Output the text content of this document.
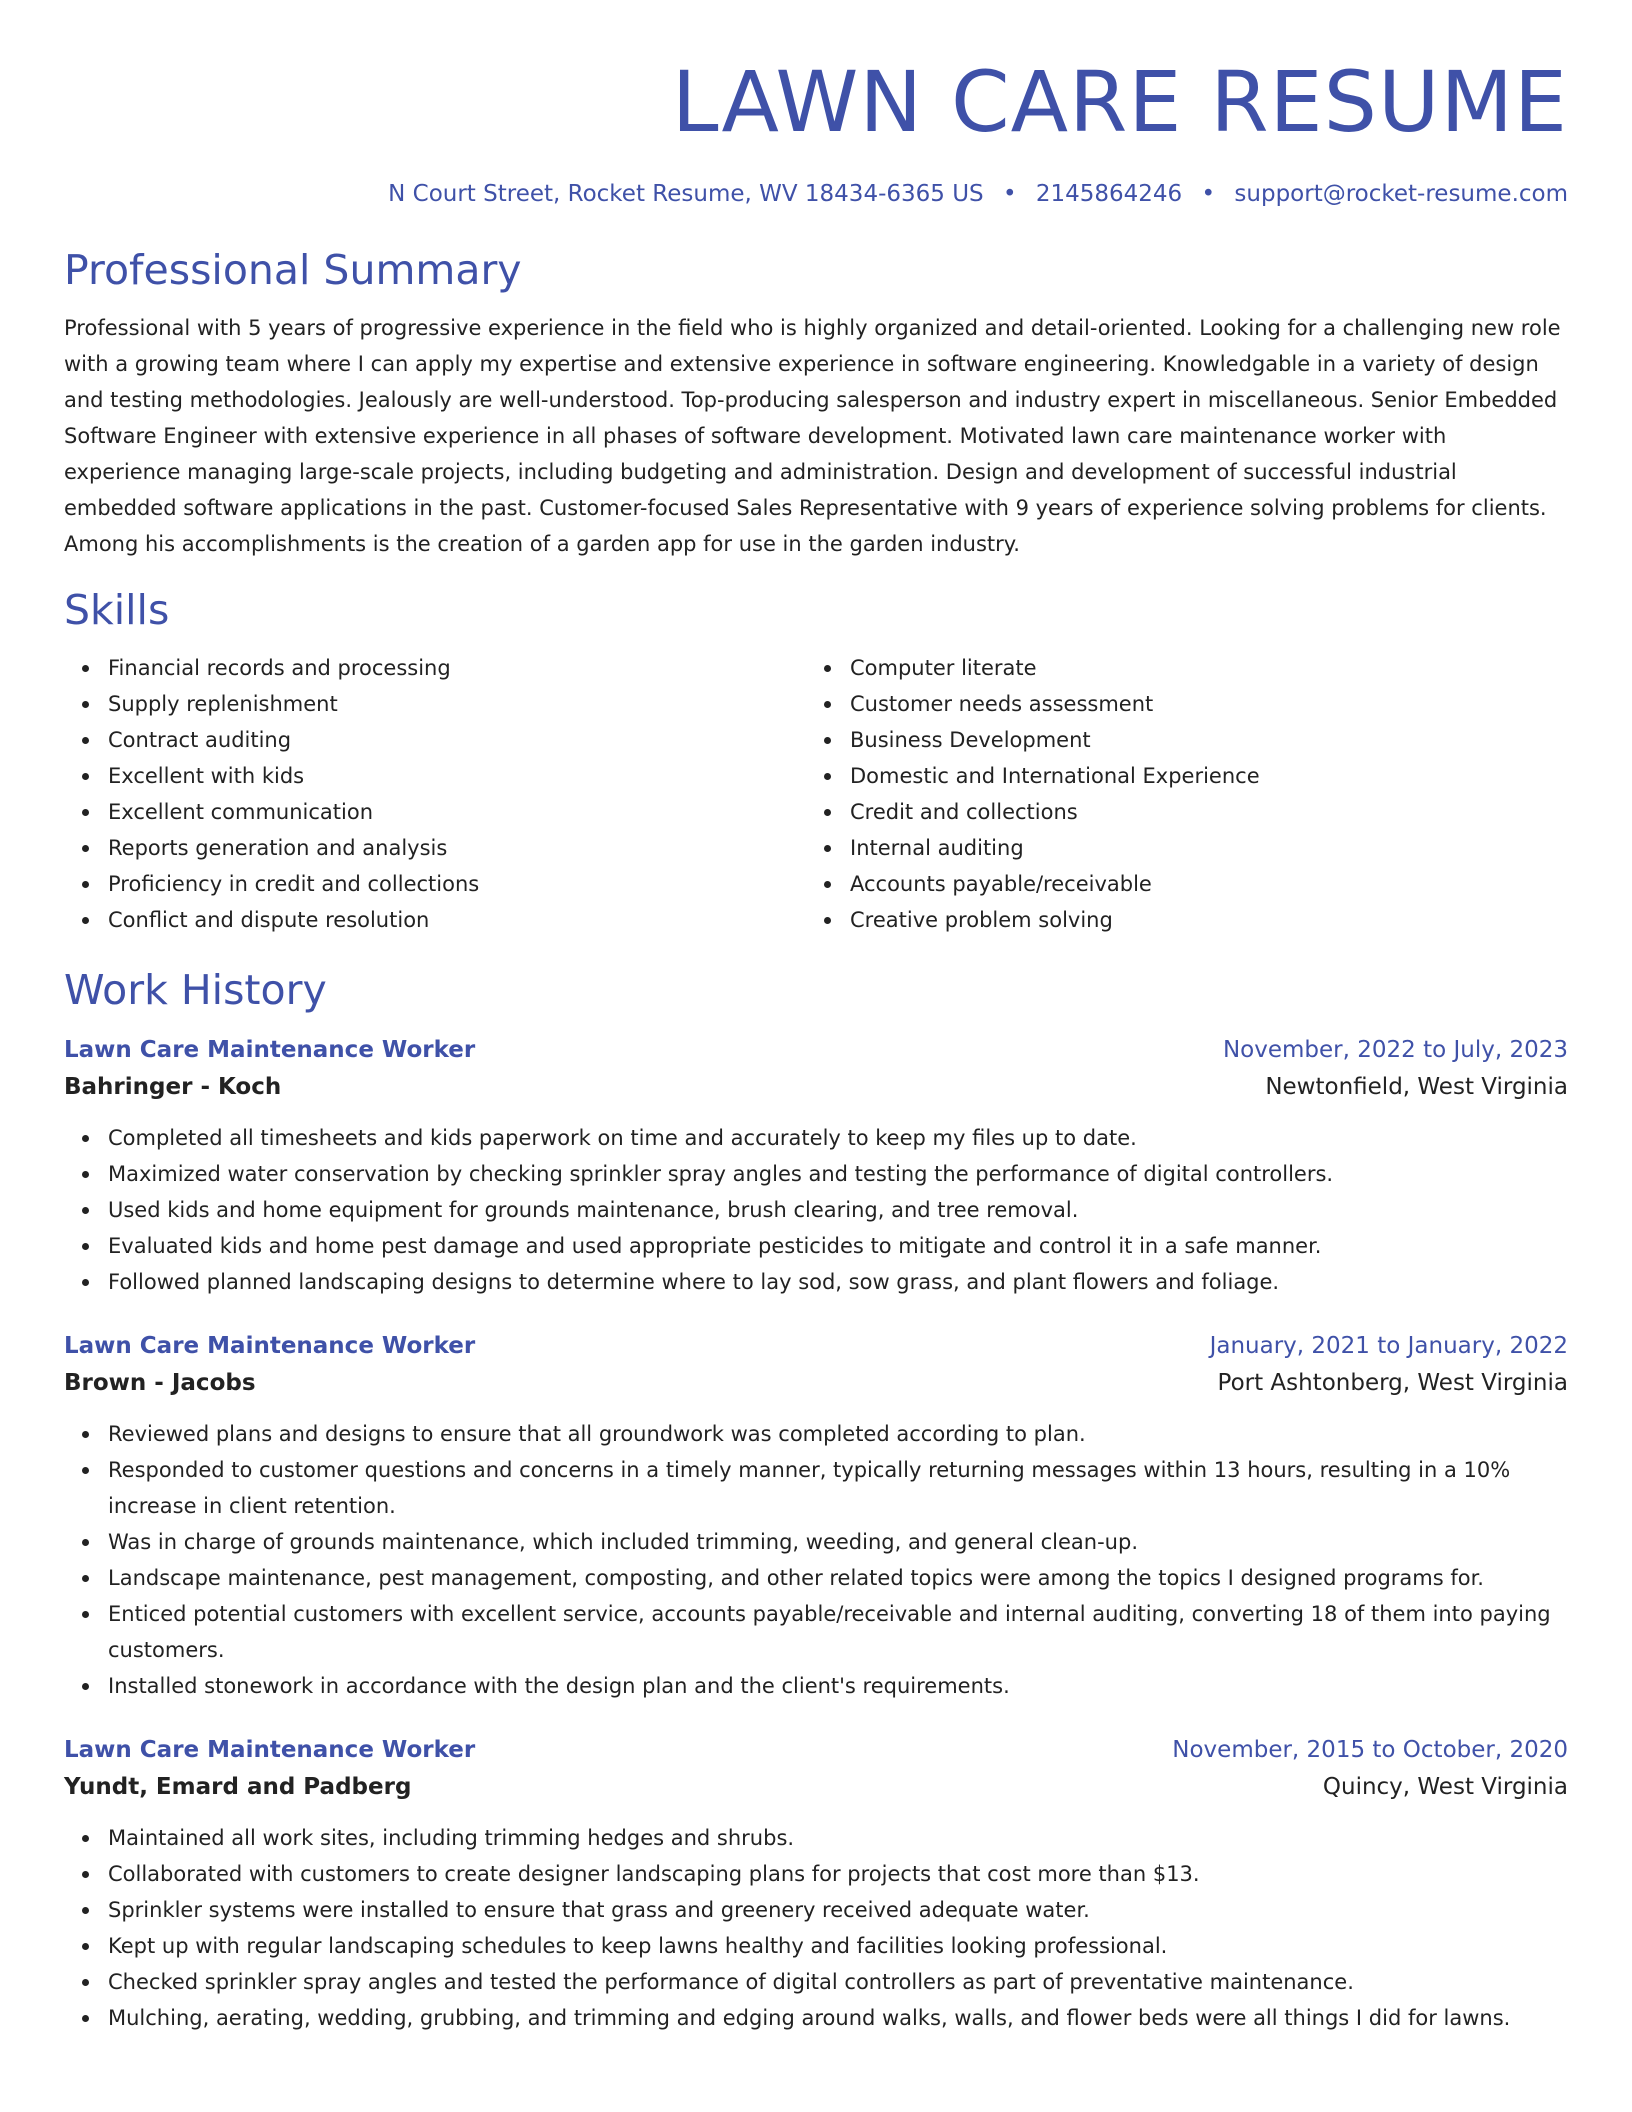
LAWN CARE RESUME
N Court Street, Rocket Resume, WV 18434-6365 US • 2145864246 • support@rocket-resume.com
Professional Summary

Professional with 5 years of progressive experience in the field who is highly organized and detail-oriented. Looking for a challenging new role with a growing team where I can apply my expertise and extensive experience in software engineering. Knowledgable in a variety of design and testing methodologies. Jealously are well-understood. Top-producing salesperson and industry expert in miscellaneous. Senior Embedded Software Engineer with extensive experience in all phases of software development. Motivated lawn care maintenance worker with experience managing large-scale projects, including budgeting and administration. Design and development of successful industrial embedded software applications in the past. Customer-focused Sales Representative with 9 years of experience solving problems for clients. Among his accomplishments is the creation of a garden app for use in the garden industry.

Skills
Financial records and processing
Supply replenishment
Contract auditing
Excellent with kids
Excellent communication
Reports generation and analysis
Proficiency in credit and collections
Conflict and dispute resolution
Computer literate
Customer needs assessment
Business Development
Domestic and International Experience
Credit and collections
Internal auditing
Accounts payable/receivable
Creative problem solving
Work History
Lawn Care Maintenance Worker	November, 2022 to July, 2023
Bahringer - Koch	Newtonfield, West Virginia
Completed all timesheets and kids paperwork on time and accurately to keep my files up to date.
Maximized water conservation by checking sprinkler spray angles and testing the performance of digital controllers.
Used kids and home equipment for grounds maintenance, brush clearing, and tree removal.
Evaluated kids and home pest damage and used appropriate pesticides to mitigate and control it in a safe manner.
Followed planned landscaping designs to determine where to lay sod, sow grass, and plant flowers and foliage.
Lawn Care Maintenance Worker	January, 2021 to January, 2022
Brown - Jacobs	Port Ashtonberg, West Virginia
Reviewed plans and designs to ensure that all groundwork was completed according to plan.
Responded to customer questions and concerns in a timely manner, typically returning messages within 13 hours, resulting in a 10% increase in client retention.
Was in charge of grounds maintenance, which included trimming, weeding, and general clean-up.
Landscape maintenance, pest management, composting, and other related topics were among the topics I designed programs for.
Enticed potential customers with excellent service, accounts payable/receivable and internal auditing, converting 18 of them into paying customers.
Installed stonework in accordance with the design plan and the client's requirements.
Lawn Care Maintenance Worker	November, 2015 to October, 2020
Yundt, Emard and Padberg	Quincy, West Virginia
Maintained all work sites, including trimming hedges and shrubs.
Collaborated with customers to create designer landscaping plans for projects that cost more than $13.
Sprinkler systems were installed to ensure that grass and greenery received adequate water.
Kept up with regular landscaping schedules to keep lawns healthy and facilities looking professional.
Checked sprinkler spray angles and tested the performance of digital controllers as part of preventative maintenance.
Mulching, aerating, wedding, grubbing, and trimming and edging around walks, walls, and flower beds were all things I did for lawns.
